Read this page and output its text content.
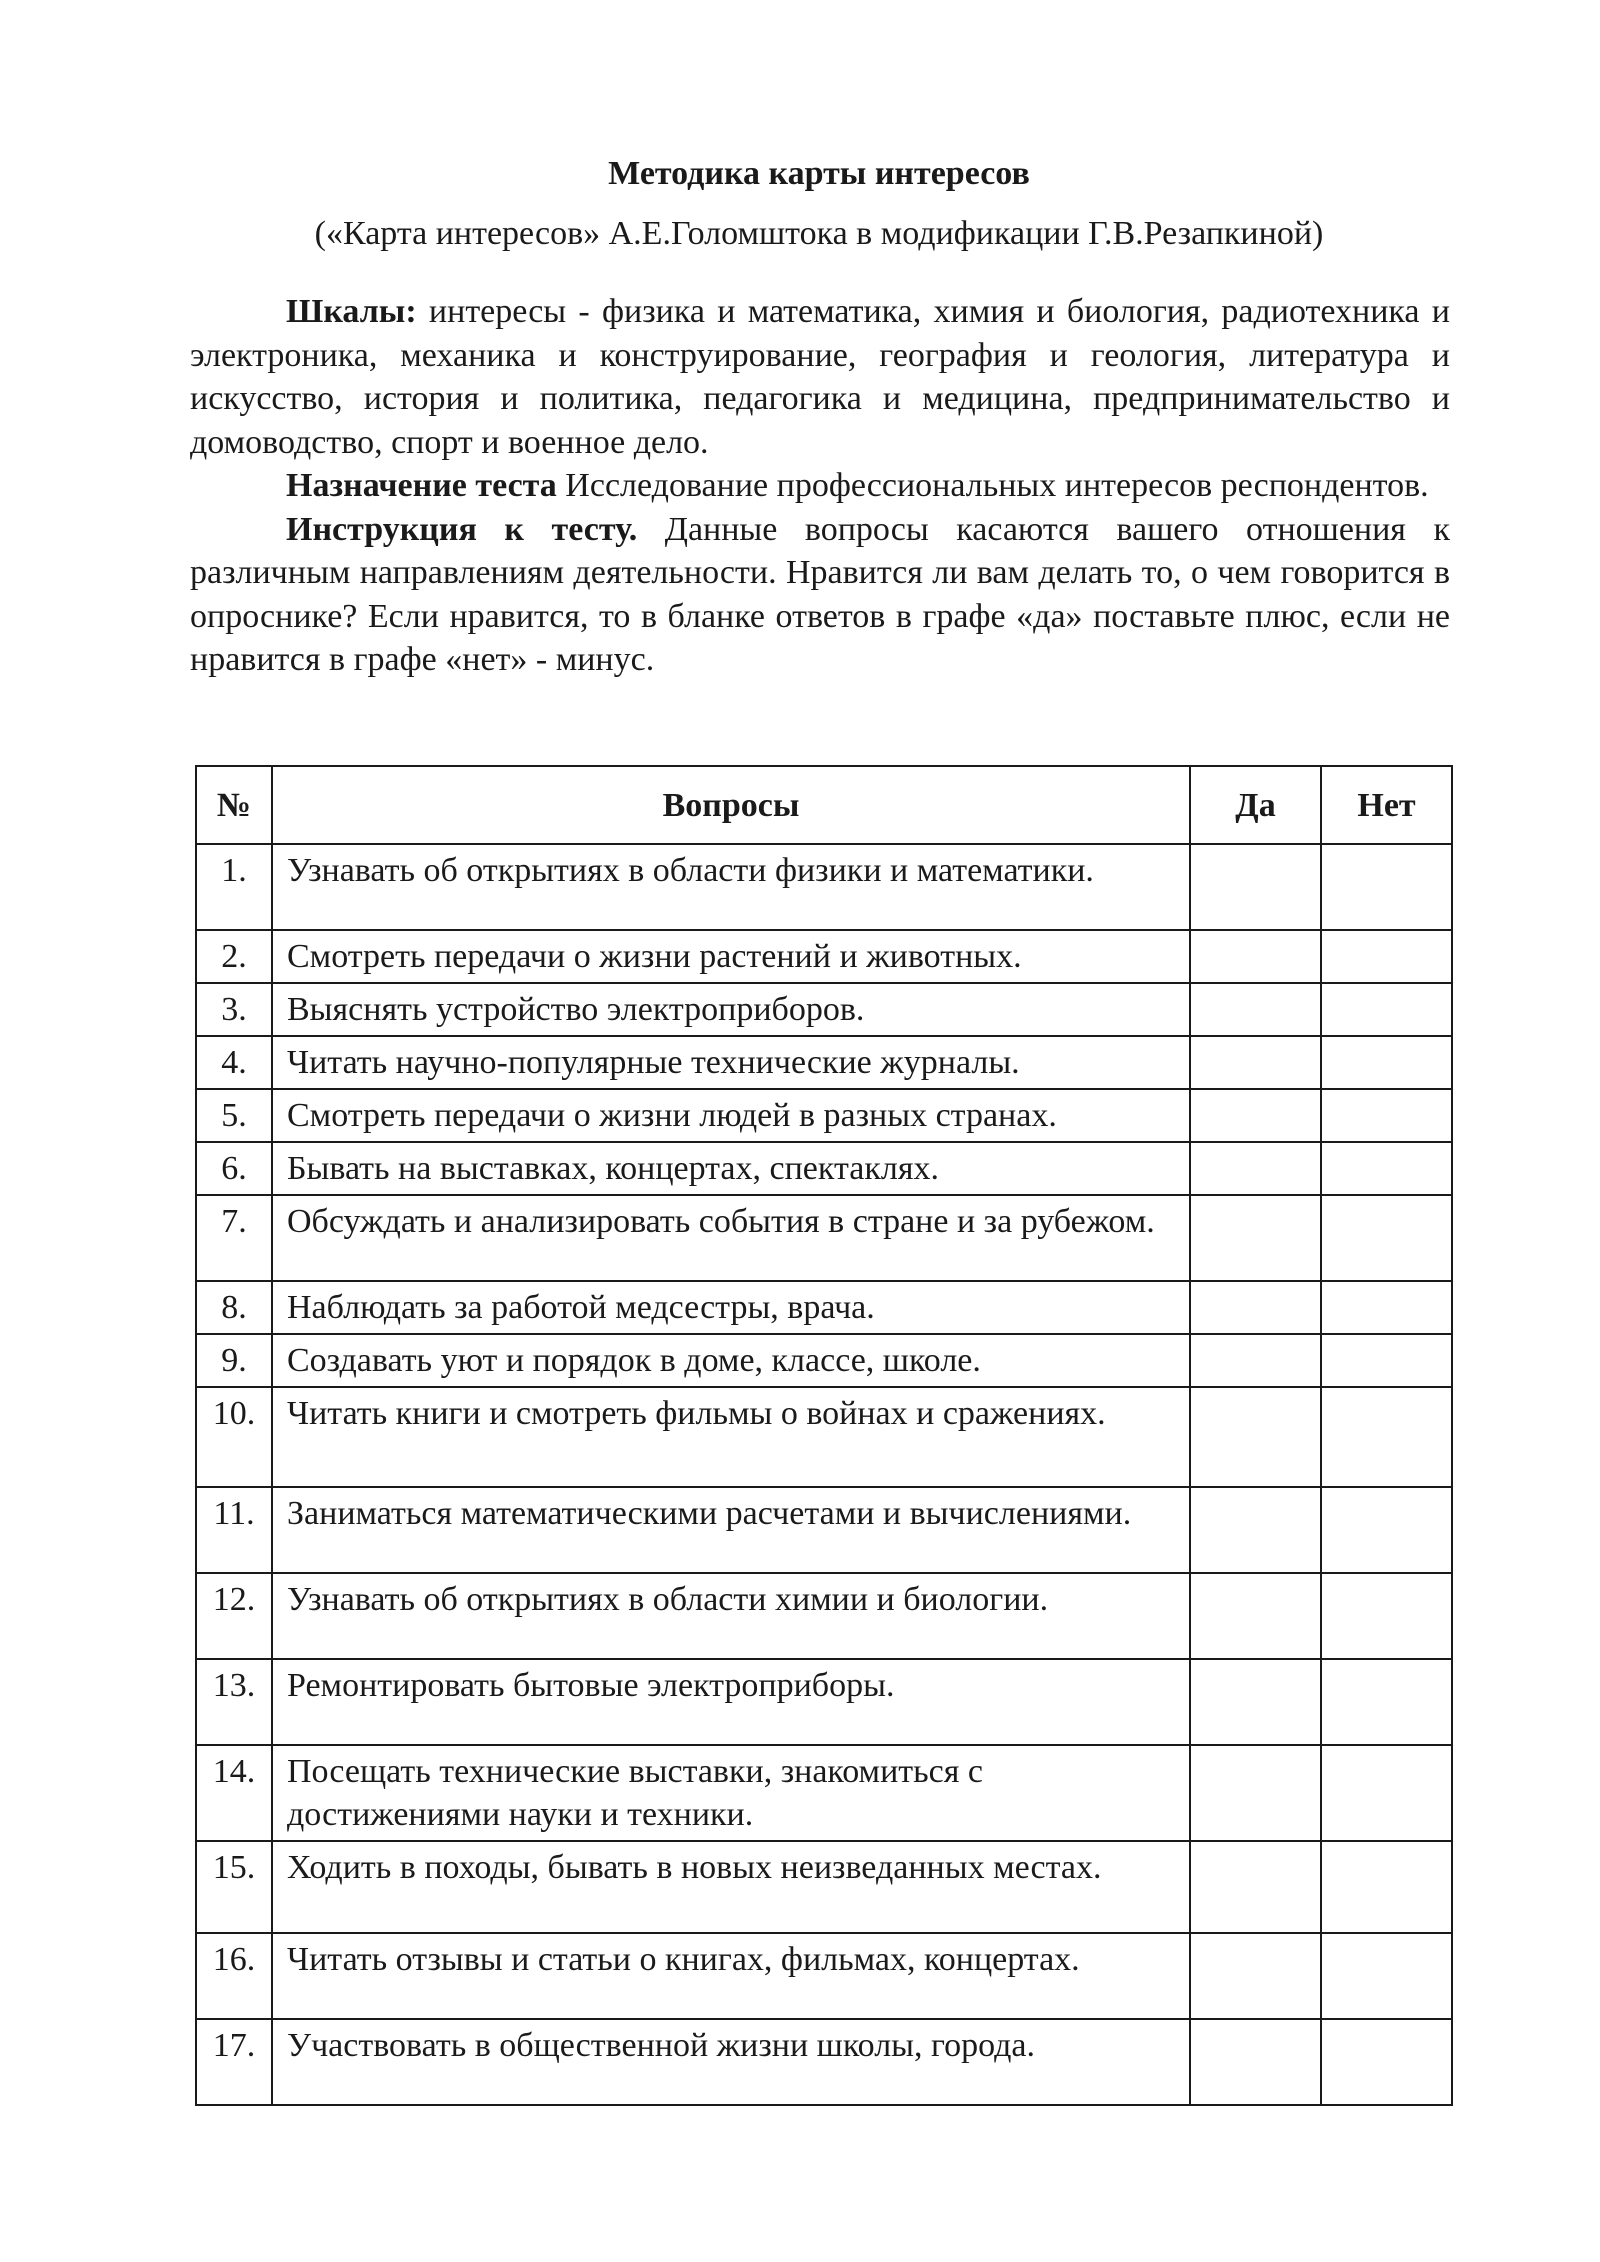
Методика карты интересов
(«Карта интересов» А.Е.Голомштока в модификации Г.В.Резапкиной)

Шкалы: интересы - физика и математика, химия и биология, радиотехника и электроника, механика и конструирование, география и геология, литература и искусство, история и политика, педагогика и медицина, предпринимательство и домоводство, спорт и военное дело.

Назначение теста Исследование профессиональных интересов респондентов.

Инструкция к тесту. Данные вопросы касаются вашего отношения к различным направлениям деятельности. Нравится ли вам делать то, о чем говорится в опроснике? Если нравится, то в бланке ответов в графе «да» поставьте плюс, если не нравится в графе «нет» - минус.

№	Вопросы	Да	Нет
1.	Узнавать об открытиях в области физики и математики.		
2.	Смотреть передачи о жизни растений и животных.		
3.	Выяснять устройство электроприборов.		
4.	Читать научно-популярные технические журналы.		
5.	Смотреть передачи о жизни людей в разных странах.		
6.	Бывать на выставках, концертах, спектаклях.		
7.	Обсуждать и анализировать события в стране и за рубежом.		
8.	Наблюдать за работой медсестры, врача.		
9.	Создавать уют и порядок в доме, классе, школе.		
10.	Читать книги и смотреть фильмы о войнах и сражениях.		
11.	Заниматься математическими расчетами и вычислениями.		
12.	Узнавать об открытиях в области химии и биологии.		
13.	Ремонтировать бытовые электроприборы.		
14.	Посещать технические выставки, знакомиться с достижениями науки и техники.		
15.	Ходить в походы, бывать в новых неизведанных местах.		
16.	Читать отзывы и статьи о книгах, фильмах, концертах.		
17.	Участвовать в общественной жизни школы, города.		
